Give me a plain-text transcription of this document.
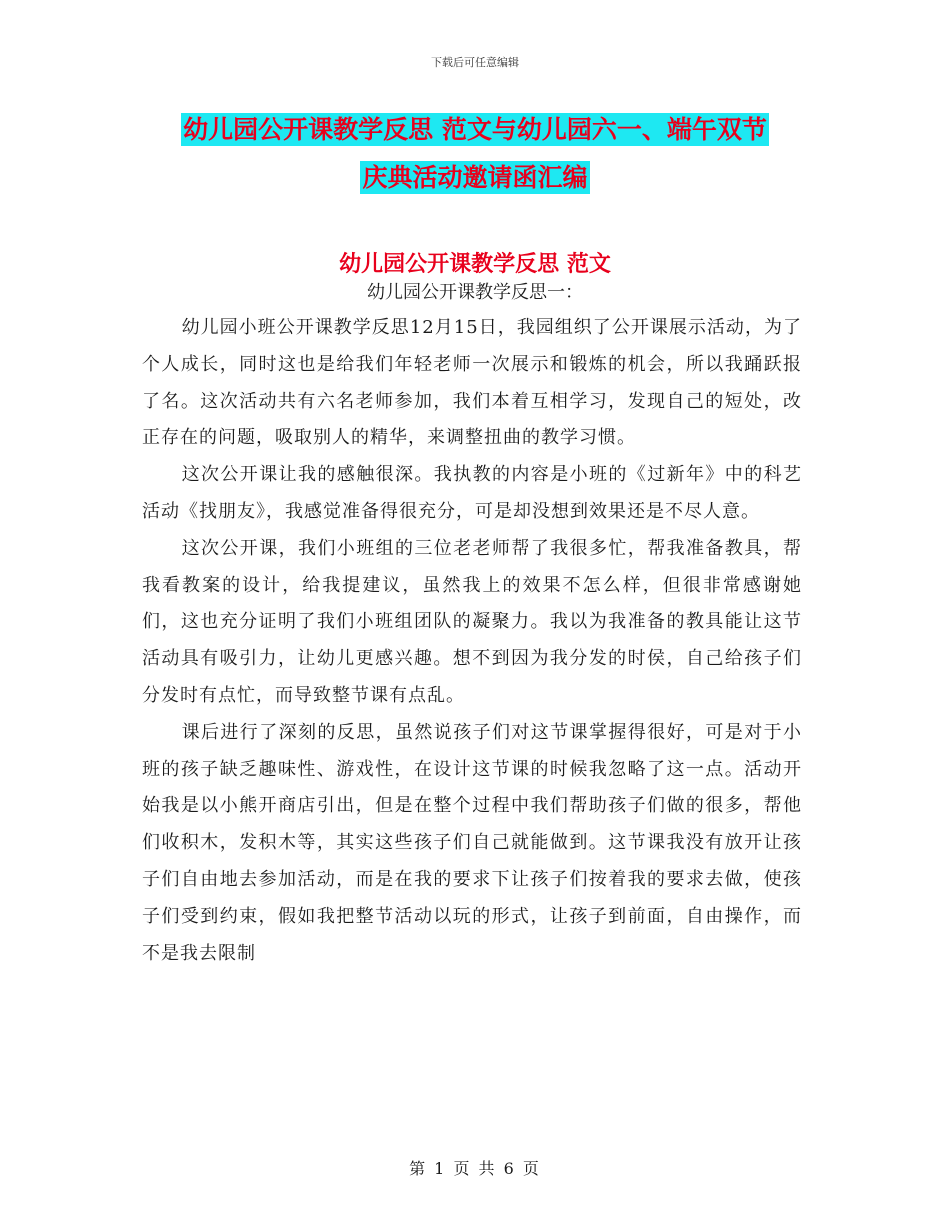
下载后可任意编辑
幼儿园公开课教学反思 范文与幼儿园六一、端午双节
庆典活动邀请函汇编
幼儿园公开课教学反思 范文
幼儿园公开课教学反思一：

幼儿园小班公开课教学反思12月15日，我园组织了公开课展示活动，为了个人成长，同时这也是给我们年轻老师一次展示和锻炼的机会，所以我踊跃报了名。这次活动共有六名老师参加，我们本着互相学习，发现自己的短处，改正存在的问题，吸取别人的精华，来调整扭曲的教学习惯。

这次公开课让我的感触很深。我执教的内容是小班的《过新年》中的科艺活动《找朋友》，我感觉准备得很充分，可是却没想到效果还是不尽人意。

这次公开课，我们小班组的三位老老师帮了我很多忙，帮我准备教具，帮我看教案的设计，给我提建议，虽然我上的效果不怎么样，但很非常感谢她们，这也充分证明了我们小班组团队的凝聚力。我以为我准备的教具能让这节活动具有吸引力，让幼儿更感兴趣。想不到因为我分发的时侯，自己给孩子们分发时有点忙，而导致整节课有点乱。

课后进行了深刻的反思，虽然说孩子们对这节课掌握得很好，可是对于小班的孩子缺乏趣味性、游戏性，在设计这节课的时候我忽略了这一点。活动开始我是以小熊开商店引出，但是在整个过程中我们帮助孩子们做的很多，帮他们收积木，发积木等，其实这些孩子们自己就能做到。这节课我没有放开让孩子们自由地去参加活动，而是在我的要求下让孩子们按着我的要求去做，使孩子们受到约束，假如我把整节活动以玩的形式，让孩子到前面，自由操作，而不是我去限制

第 1 页 共 6 页
